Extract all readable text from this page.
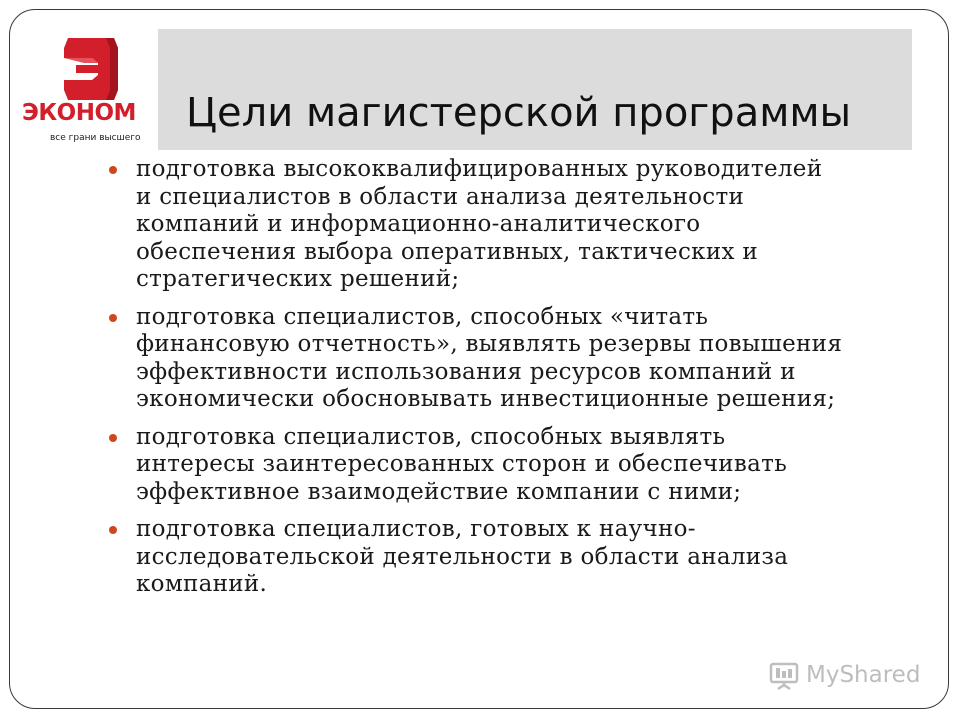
ЭКОНОМ
все грани высшего
Цели магистерской программы
подготовка высококвалифицированных руководителей
и специалистов в области анализа деятельности
компаний и информационно-аналитического
обеспечения выбора оперативных, тактических и
стратегических решений;
подготовка специалистов, способных «читать
финансовую отчетность», выявлять резервы повышения
эффективности использования ресурсов компаний и
экономически обосновывать инвестиционные решения;
подготовка специалистов, способных выявлять
интересы заинтересованных сторон и обеспечивать
эффективное взаимодействие компании с ними;
подготовка специалистов, готовых к научно-
исследовательской деятельности в области анализа
компаний.
MyShared
